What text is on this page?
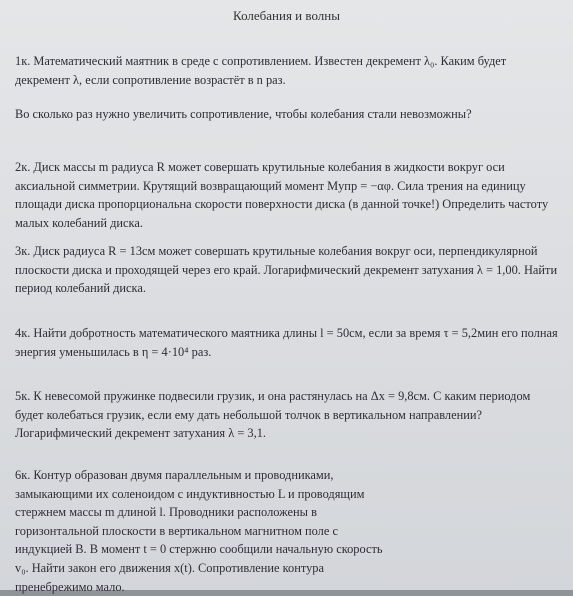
Колебания и волны

1к. Математический маятник в среде с сопротивлением. Известен декремент λ₀. Каким будет декремент λ, если сопротивление возрастёт в n раз.

Во сколько раз нужно увеличить сопротивление, чтобы колебания стали невозможны?

2к. Диск массы m радиуса R может совершать крутильные колебания в жидкости вокруг оси аксиальной симметрии. Крутящий возвращающий момент Mупр = −αφ. Сила трения на единицу площади диска пропорциональна скорости поверхности диска (в данной точке!) Определить частоту малых колебаний диска.

3к. Диск радиуса R = 13см может совершать крутильные колебания вокруг оси, перпендикулярной плоскости диска и проходящей через его край. Логарифмический декремент затухания λ = 1,00. Найти период колебаний диска.

4к. Найти добротность математического маятника длины l = 50см, если за время τ = 5,2мин его полная энергия уменьшилась в η = 4·10⁴ раз.

5к. К невесомой пружинке подвесили грузик, и она растянулась на Δx = 9,8см. С каким периодом будет колебаться грузик, если ему дать небольшой толчок в вертикальном направлении? Логарифмический декремент затухания λ = 3,1.

6к. Контур образован двумя параллельным и проводниками, замыкающими их соленоидом с индуктивностью L и проводящим стержнем массы m длиной l. Проводники расположены в горизонтальной плоскости в вертикальном магнитном поле с индукцией B. В момент t = 0 стержню сообщили начальную скорость v₀. Найти закон его движения x(t). Сопротивление контура пренебрежимо мало.
